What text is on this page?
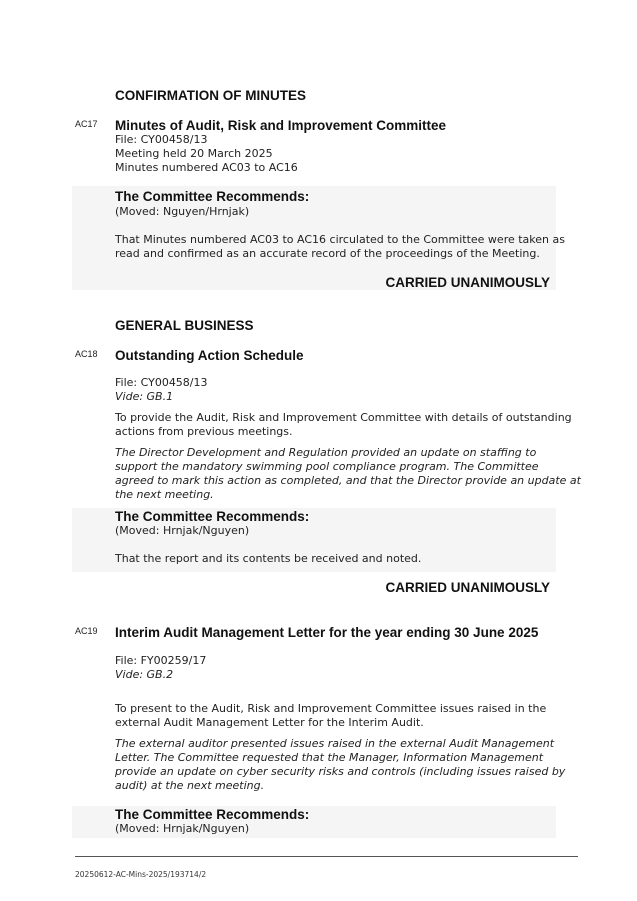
CONFIRMATION OF MINUTES
AC17 Minutes of Audit, Risk and Improvement Committee
File: CY00458/13
Meeting held 20 March 2025
Minutes numbered AC03 to AC16
The Committee Recommends:
(Moved: Nguyen/Hrnjak)
That Minutes numbered AC03 to AC16 circulated to the Committee were taken as
read and confirmed as an accurate record of the proceedings of the Meeting.
CARRIED UNANIMOUSLY
GENERAL BUSINESS
AC18 Outstanding Action Schedule
File: CY00458/13
Vide: GB.1
To provide the Audit, Risk and Improvement Committee with details of outstanding
actions from previous meetings.
The Director Development and Regulation provided an update on staffing to
support the mandatory swimming pool compliance program. The Committee
agreed to mark this action as completed, and that the Director provide an update at
the next meeting.
The Committee Recommends:
(Moved: Hrnjak/Nguyen)
That the report and its contents be received and noted.
CARRIED UNANIMOUSLY
AC19 Interim Audit Management Letter for the year ending 30 June 2025
File: FY00259/17
Vide: GB.2
To present to the Audit, Risk and Improvement Committee issues raised in the
external Audit Management Letter for the Interim Audit.
The external auditor presented issues raised in the external Audit Management
Letter. The Committee requested that the Manager, Information Management
provide an update on cyber security risks and controls (including issues raised by
audit) at the next meeting.
The Committee Recommends:
(Moved: Hrnjak/Nguyen)
20250612-AC-Mins-2025/193714/2
